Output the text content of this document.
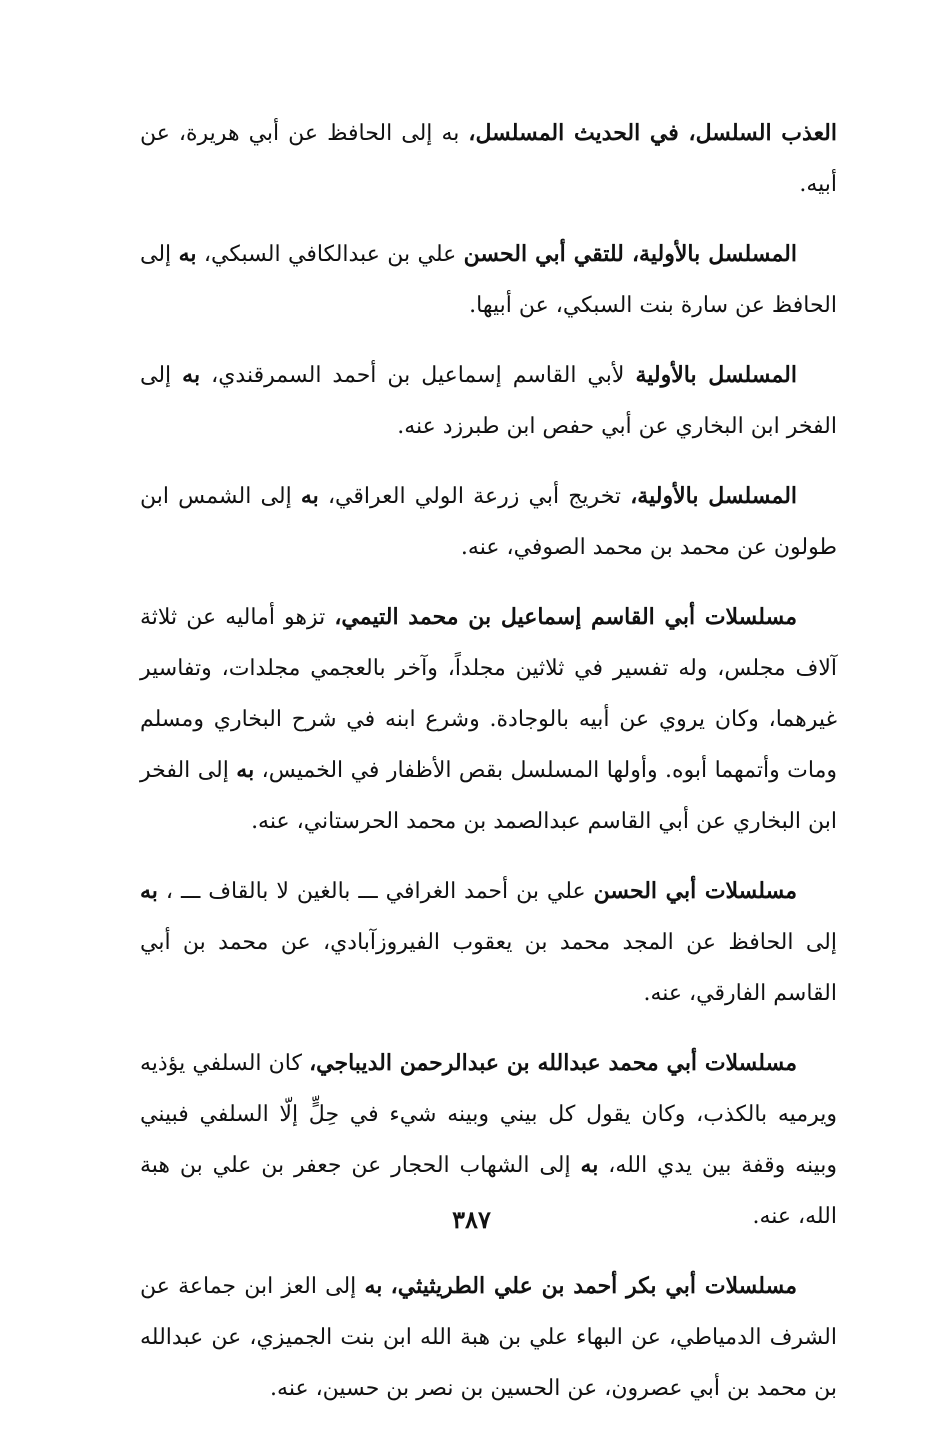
العذب السلسل، في الحديث المسلسل، به إلى الحافظ عن أبي هريرة، عن أبيه.

المسلسل بالأولية، للتقي أبي الحسن علي بن عبدالكافي السبكي، به إلى الحافظ عن سارة بنت السبكي، عن أبيها.

المسلسل بالأولية لأبي القاسم إسماعيل بن أحمد السمرقندي، به إلى الفخر ابن البخاري عن أبي حفص ابن طبرزد عنه.

المسلسل بالأولية، تخريج أبي زرعة الولي العراقي، به إلى الشمس ابن طولون عن محمد بن محمد الصوفي، عنه.

مسلسلات أبي القاسم إسماعيل بن محمد التيمي، تزهو أماليه عن ثلاثة آلاف مجلس، وله تفسير في ثلاثين مجلداً، وآخر بالعجمي مجلدات، وتفاسير غيرهما، وكان يروي عن أبيه بالوجادة. وشرع ابنه في شرح البخاري ومسلم ومات وأتمهما أبوه. وأولها المسلسل بقص الأظفار في الخميس، به إلى الفخر ابن البخاري عن أبي القاسم عبدالصمد بن محمد الحرستاني، عنه.

مسلسلات أبي الحسن علي بن أحمد الغرافي ـــ بالغين لا بالقاف ـــ ، به إلى الحافظ عن المجد محمد بن يعقوب الفيروزآبادي، عن محمد بن أبي القاسم الفارقي، عنه.

مسلسلات أبي محمد عبدالله بن عبدالرحمن الديباجي، كان السلفي يؤذيه ويرميه بالكذب، وكان يقول كل بيني وبينه شيء في حِلٍّ إلّا السلفي فبيني وبينه وقفة بين يدي الله، به إلى الشهاب الحجار عن جعفر بن علي بن هبة الله، عنه.

مسلسلات أبي بكر أحمد بن علي الطريثيثي، به إلى العز ابن جماعة عن الشرف الدمياطي، عن البهاء علي بن هبة الله ابن بنت الجميزي، عن عبدالله بن محمد بن أبي عصرون، عن الحسين بن نصر بن حسين، عنه.

٣٨٧
